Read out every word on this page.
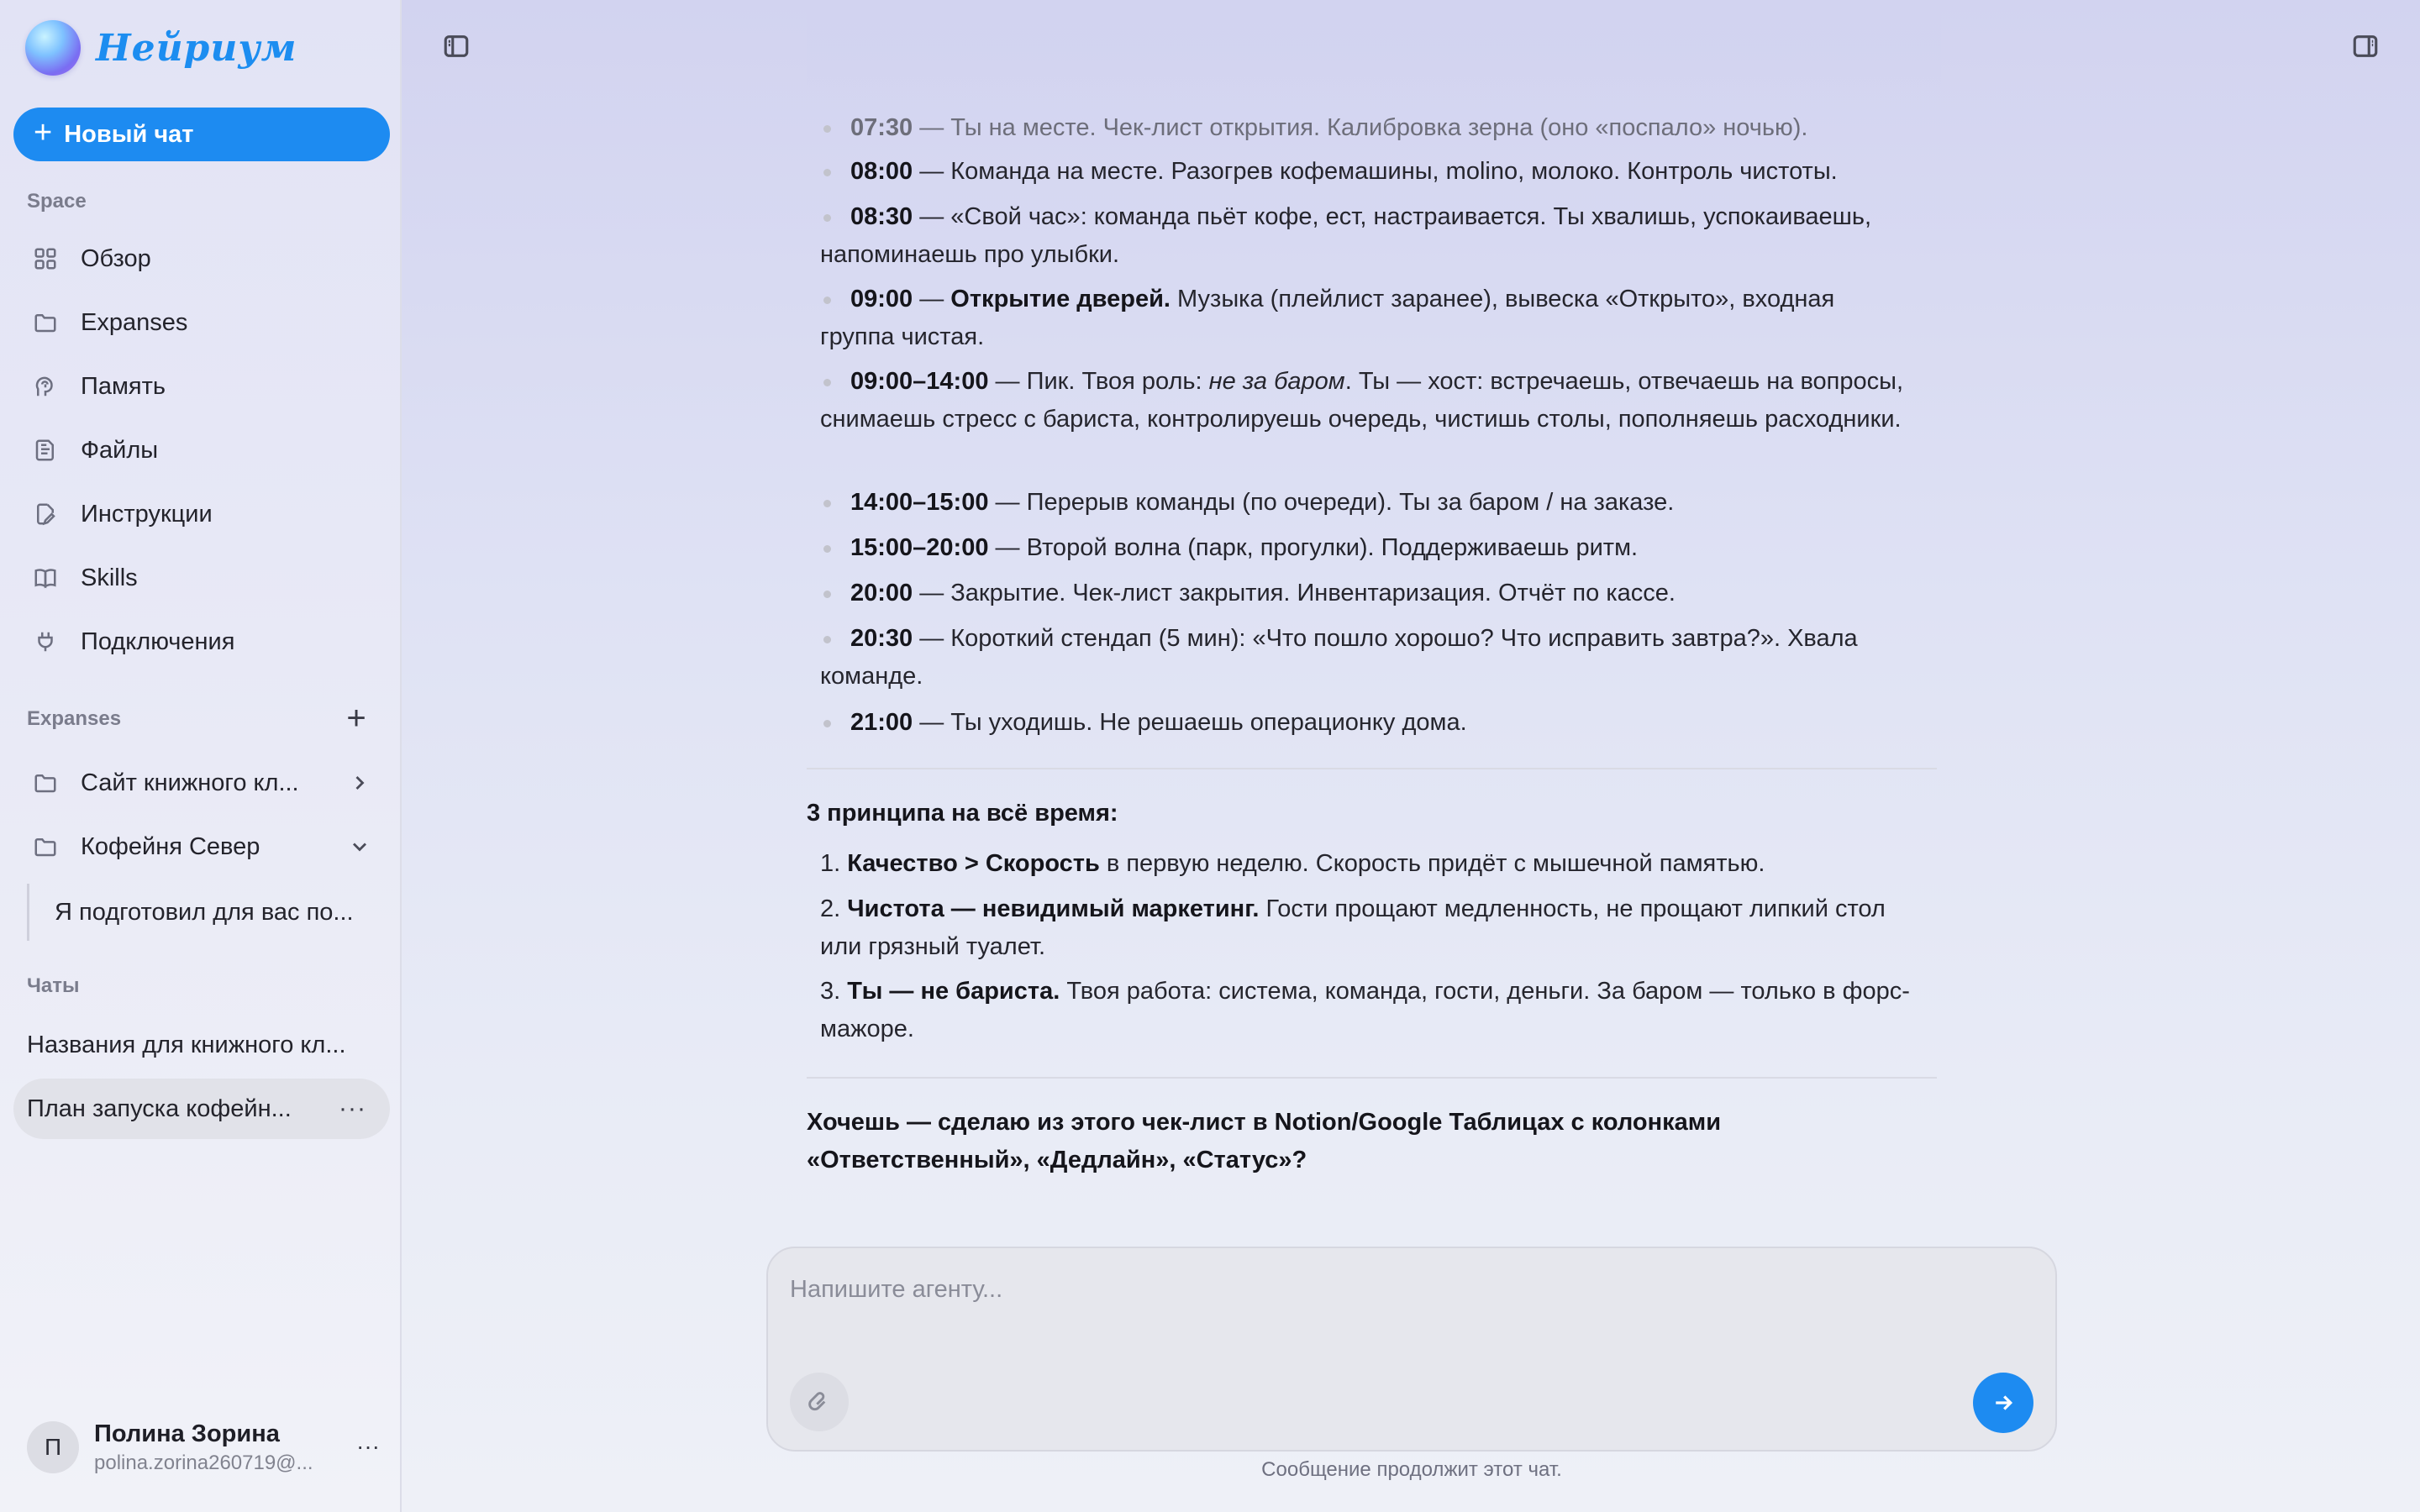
Нейриум
+ Новый чат
Space
Обзор
Expanses
Память
Файлы
Инструкции
Skills
Подключения
Expanses	+
Сайт книжного кл...
Кофейня Север
Я подготовил для вас по...
Чаты
Названия для книжного кл...
План запуска кофейн... ···
П	Полина Зорина
polina.zorina260719@...
···
07:30 — Ты на месте. Чек-лист открытия. Калибровка зерна (оно «поспало» ночью).
08:00 — Команда на месте. Разогрев кофемашины, molino, молоко. Контроль чистоты.
08:30 — «Свой час»: команда пьёт кофе, ест, настраивается. Ты хвалишь, успокаиваешь, напоминаешь про улыбки.
09:00 — Открытие дверей. Музыка (плейлист заранее), вывеска «Открыто», входная группа чистая.
09:00–14:00 — Пик. Твоя роль: не за баром. Ты — хост: встречаешь, отвечаешь на вопросы, снимаешь стресс с бариста, контролируешь очередь, чистишь столы, пополняешь расходники.
14:00–15:00 — Перерыв команды (по очереди). Ты за баром / на заказе.
15:00–20:00 — Второй волна (парк, прогулки). Поддерживаешь ритм.
20:00 — Закрытие. Чек-лист закрытия. Инвентаризация. Отчёт по кассе.
20:30 — Короткий стендап (5 мин): «Что пошло хорошо? Что исправить завтра?». Хвала команде.
21:00 — Ты уходишь. Не решаешь операционку дома.
3 принципа на всё время:
1. Качество > Скорость в первую неделю. Скорость придёт с мышечной памятью.
2. Чистота — невидимый маркетинг. Гости прощают медленность, не прощают липкий стол или грязный туалет.
3. Ты — не бариста. Твоя работа: система, команда, гости, деньги. За баром — только в форс-мажоре.
Хочешь — сделаю из этого чек-лист в Notion/Google Таблицах с колонками «Ответственный», «Дедлайн», «Статус»?
Напишите агенту...
Сообщение продолжит этот чат.
